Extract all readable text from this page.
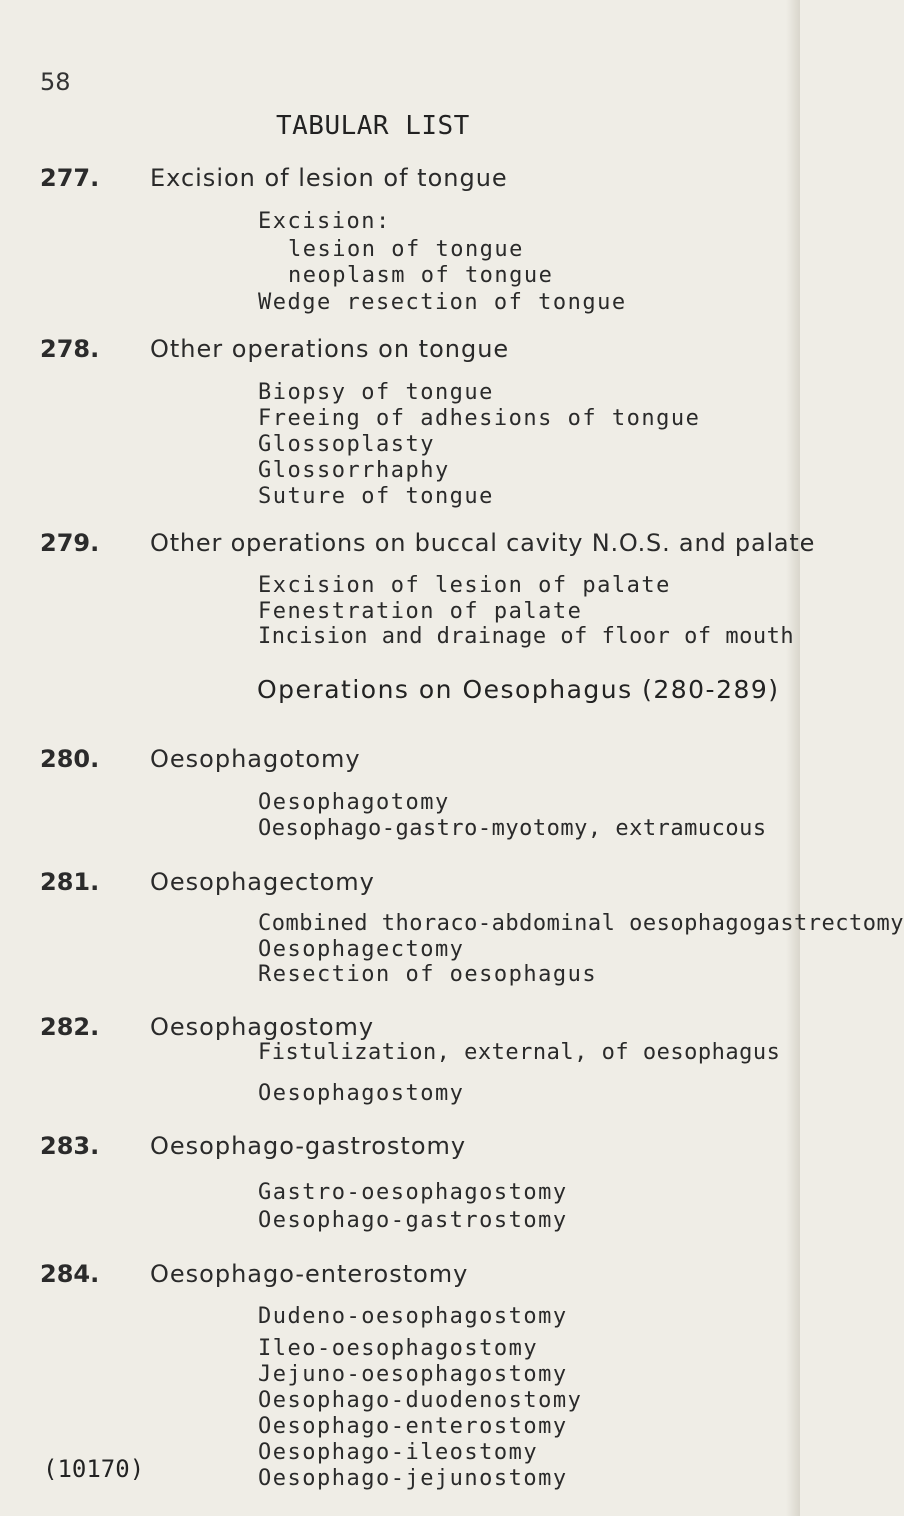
58
TABULAR LIST
277. Excision of lesion of tongue
Excision:
lesion of tongue
neoplasm of tongue
Wedge resection of tongue
278. Other operations on tongue
Biopsy of tongue
Freeing of adhesions of tongue
Glossoplasty
Glossorrhaphy
Suture of tongue
279. Other operations on buccal cavity N.O.S. and palate
Excision of lesion of palate
Fenestration of palate
Incision and drainage of floor of mouth
Operations on Oesophagus (280-289)
280. Oesophagotomy
Oesophagotomy
Oesophago-gastro-myotomy, extramucous
281. Oesophagectomy
Combined thoraco-abdominal oesophagogastrectomy
Oesophagectomy
Resection of oesophagus
282. Oesophagostomy
Fistulization, external, of oesophagus
Oesophagostomy
283. Oesophago-gastrostomy
Gastro-oesophagostomy
Oesophago-gastrostomy
284. Oesophago-enterostomy
Dudeno-oesophagostomy
Ileo-oesophagostomy
Jejuno-oesophagostomy
Oesophago-duodenostomy
Oesophago-enterostomy
Oesophago-ileostomy
Oesophago-jejunostomy
(10170)
